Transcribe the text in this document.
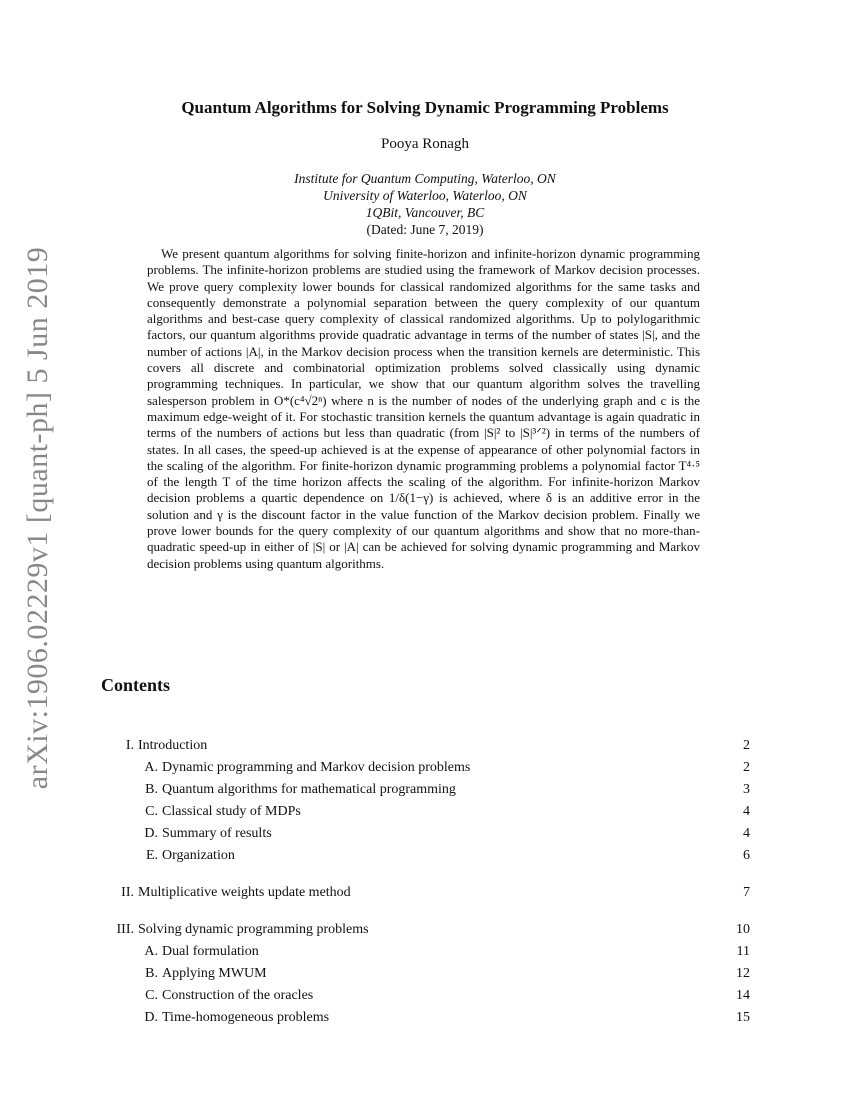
arXiv:1906.02229v1 [quant-ph] 5 Jun 2019
Quantum Algorithms for Solving Dynamic Programming Problems
Pooya Ronagh
Institute for Quantum Computing, Waterloo, ON
University of Waterloo, Waterloo, ON
1QBit, Vancouver, BC
(Dated: June 7, 2019)

We present quantum algorithms for solving finite-horizon and infinite-horizon dynamic programming problems. The infinite-horizon problems are studied using the framework of Markov decision processes. We prove query complexity lower bounds for classical randomized algorithms for the same tasks and consequently demonstrate a polynomial separation between the query complexity of our quantum algorithms and best-case query complexity of classical randomized algorithms. Up to polylogarithmic factors, our quantum algorithms provide quadratic advantage in terms of the number of states |S|, and the number of actions |A|, in the Markov decision process when the transition kernels are deterministic. This covers all discrete and combinatorial optimization problems solved classically using dynamic programming techniques. In particular, we show that our quantum algorithm solves the travelling salesperson problem in O*(c⁴√2ⁿ) where n is the number of nodes of the underlying graph and c is the maximum edge-weight of it. For stochastic transition kernels the quantum advantage is again quadratic in terms of the numbers of actions but less than quadratic (from |S|² to |S|³ᐟ²) in terms of the numbers of states. In all cases, the speed-up achieved is at the expense of appearance of other polynomial factors in the scaling of the algorithm. For finite-horizon dynamic programming problems a polynomial factor T⁴·⁵ of the length T of the time horizon affects the scaling of the algorithm. For infinite-horizon Markov decision problems a quartic dependence on 1/δ(1−γ) is achieved, where δ is an additive error in the solution and γ is the discount factor in the value function of the Markov decision problem. Finally we prove lower bounds for the query complexity of our quantum algorithms and show that no more-than-quadratic speed-up in either of |S| or |A| can be achieved for solving dynamic programming and Markov decision problems using quantum algorithms.

Contents
I. Introduction	2
A. Dynamic programming and Markov decision problems	2
B. Quantum algorithms for mathematical programming	3
C. Classical study of MDPs	4
D. Summary of results	4
E. Organization	6
II. Multiplicative weights update method	7
III. Solving dynamic programming problems	10
A. Dual formulation	11
B. Applying MWUM	12
C. Construction of the oracles	14
D. Time-homogeneous problems	15
